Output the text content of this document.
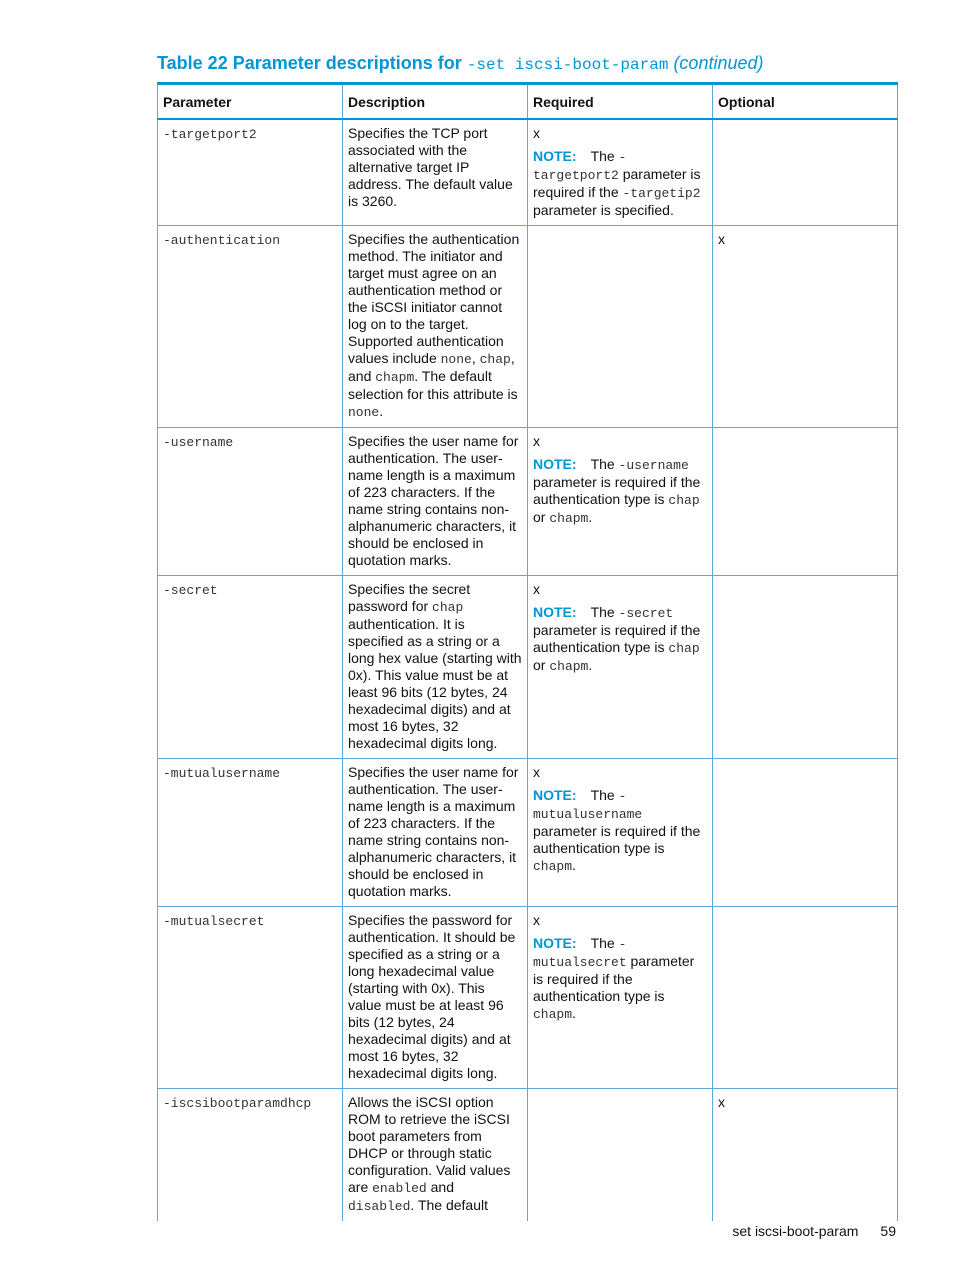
Table 22 Parameter descriptions for -set iscsi-boot-param (continued)
Parameter	Description	Required	Optional
-targetport2	Specifies the TCP port associated with the alternative target IP address. The default value is 3260.	x
NOTE: The -targetport2 parameter is required if the -targetip2 parameter is specified.	

-authentication	Specifies the authentication method. The initiator and target must agree on an authentication method or the iSCSI initiator cannot log on to the target. Supported authentication values include none, chap, and chapm. The default selection for this attribute is none.		x
-username	Specifies the user name for authentication. The user-name length is a maximum of 223 characters. If the name string contains non-alphanumeric characters, it should be enclosed in quotation marks.	x
NOTE: The -username parameter is required if the authentication type is chap or chapm.	

-secret	Specifies the secret password for chap authentication. It is specified as a string or a long hex value (starting with 0x). This value must be at least 96 bits (12 bytes, 24 hexadecimal digits) and at most 16 bytes, 32 hexadecimal digits long.	x
NOTE: The -secret parameter is required if the authentication type is chap or chapm.	

-mutualusername	Specifies the user name for authentication. The user-name length is a maximum of 223 characters. If the name string contains non-alphanumeric characters, it should be enclosed in quotation marks.	x
NOTE: The -mutualusername parameter is required if the authentication type is chapm.	

-mutualsecret	Specifies the password for authentication. It should be specified as a string or a long hexadecimal value (starting with 0x). This value must be at least 96 bits (12 bytes, 24 hexadecimal digits) and at most 16 bytes, 32 hexadecimal digits long.	x
NOTE: The -mutualsecret parameter is required if the authentication type is chapm.	

-iscsibootparamdhcp	Allows the iSCSI option ROM to retrieve the iSCSI boot parameters from DHCP or through static configuration. Valid values are enabled and disabled. The default		x
set iscsi-boot-param 59
